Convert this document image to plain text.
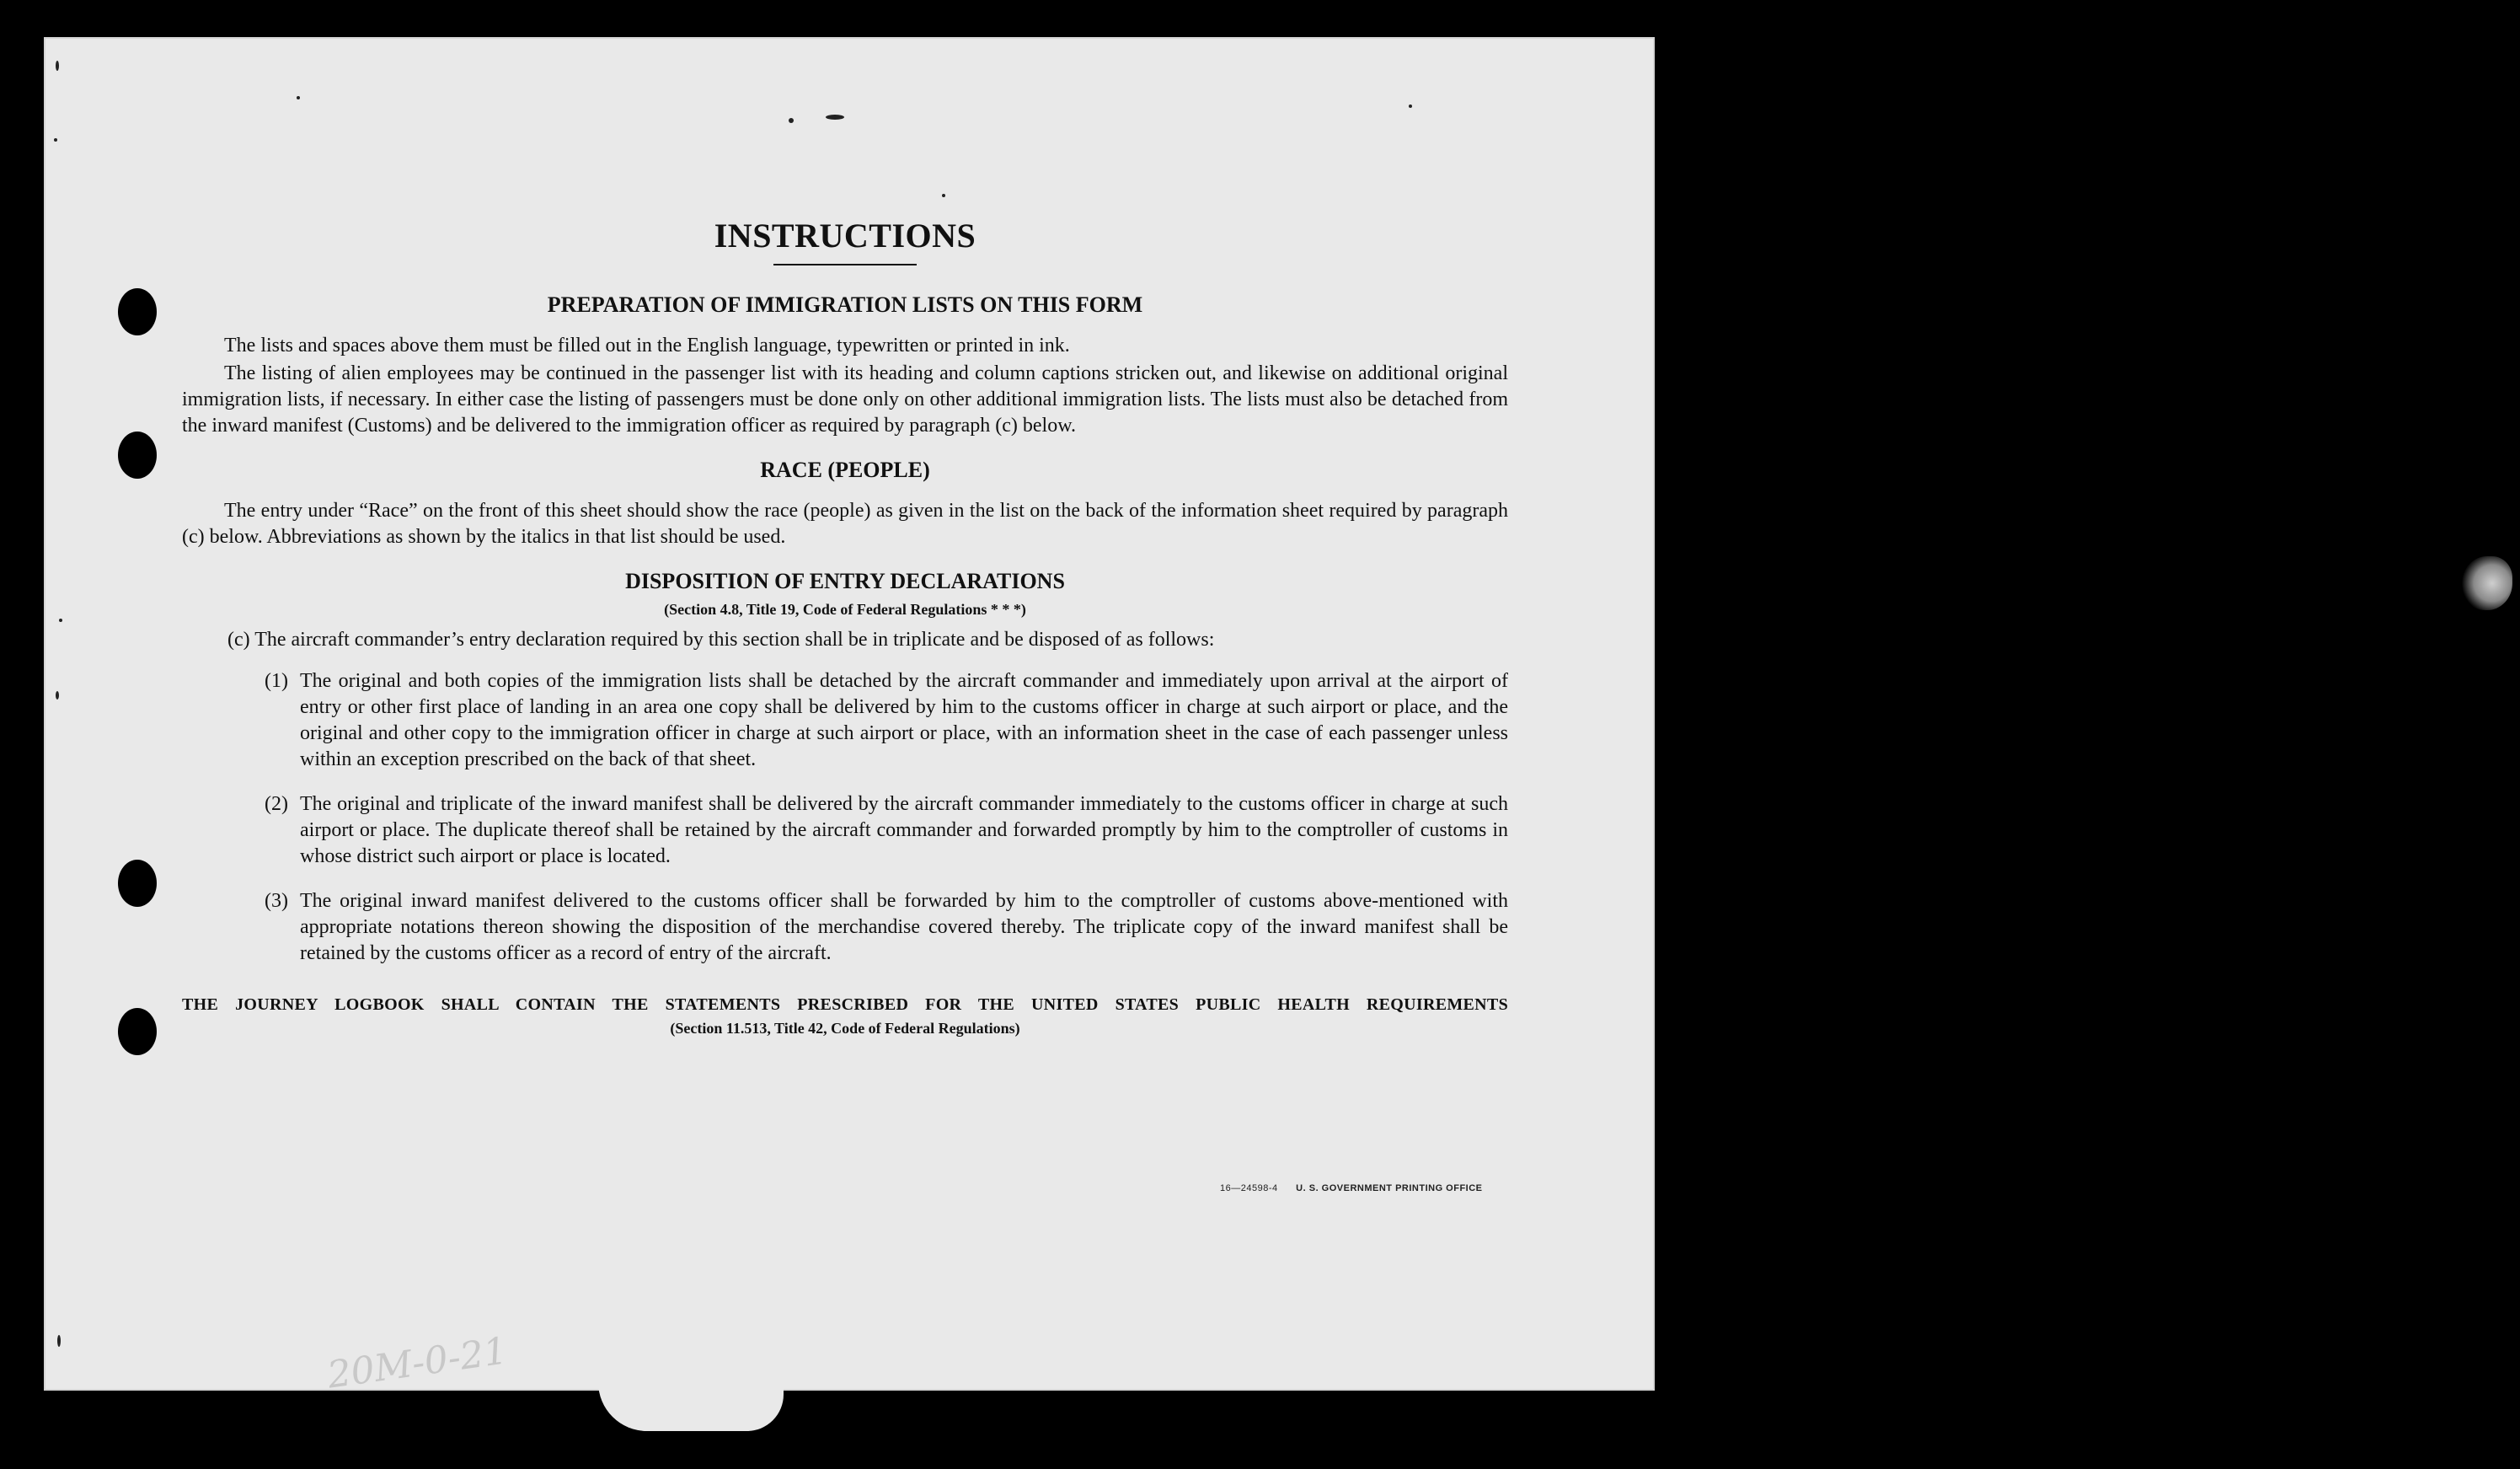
20M-0-21
INSTRUCTIONS
PREPARATION OF IMMIGRATION LISTS ON THIS FORM

The lists and spaces above them must be filled out in the English language, typewritten or printed in ink.

The listing of alien employees may be continued in the passenger list with its heading and column captions stricken out, and likewise on additional original immigration lists, if necessary. In either case the listing of passengers must be done only on other additional immigration lists. The lists must also be detached from the inward manifest (Customs) and be delivered to the immigration officer as required by paragraph (c) below.

RACE (PEOPLE)

The entry under “Race” on the front of this sheet should show the race (people) as given in the list on the back of the information sheet required by paragraph (c) below. Abbreviations as shown by the italics in that list should be used.

DISPOSITION OF ENTRY DECLARATIONS
(Section 4.8, Title 19, Code of Federal Regulations * * *)

(c) The aircraft commander’s entry declaration required by this section shall be in triplicate and be disposed of as follows:

(1) The original and both copies of the immigration lists shall be detached by the aircraft commander and immediately upon arrival at the airport of entry or other first place of landing in an area one copy shall be delivered by him to the customs officer in charge at such airport or place, and the original and other copy to the immigration officer in charge at such airport or place, with an information sheet in the case of each passenger unless within an exception prescribed on the back of that sheet.
(2) The original and triplicate of the inward manifest shall be delivered by the aircraft commander immediately to the customs officer in charge at such airport or place. The duplicate thereof shall be retained by the aircraft commander and forwarded promptly by him to the comptroller of customs in whose district such airport or place is located.
(3) The original inward manifest delivered to the customs officer shall be forwarded by him to the comptroller of customs above-mentioned with appropriate notations thereon showing the disposition of the merchandise covered thereby. The triplicate copy of the inward manifest shall be retained by the customs officer as a record of entry of the aircraft.
THE JOURNEY LOGBOOK SHALL CONTAIN THE STATEMENTS PRESCRIBED FOR THE UNITED STATES PUBLIC HEALTH REQUIREMENTS
(Section 11.513, Title 42, Code of Federal Regulations)
16—24598-4 U. S. GOVERNMENT PRINTING OFFICE
